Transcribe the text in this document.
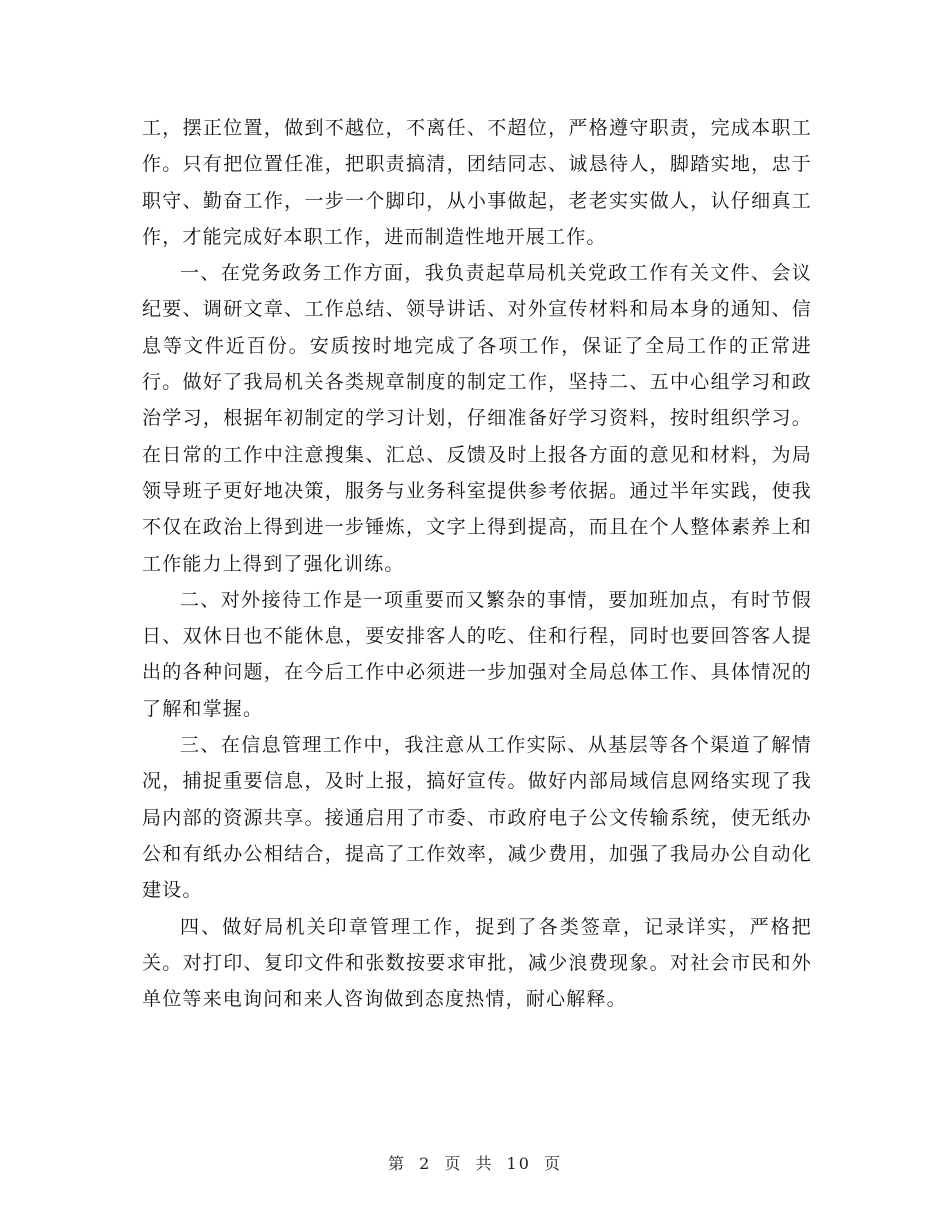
工，摆正位置，做到不越位，不离任、不超位，严格遵守职责，完成本职工作。只有把位置任准，把职责搞清，团结同志、诚恳待人，脚踏实地，忠于职守、勤奋工作，一步一个脚印，从小事做起，老老实实做人，认仔细真工作，才能完成好本职工作，进而制造性地开展工作。

一、在党务政务工作方面，我负责起草局机关党政工作有关文件、会议纪要、调研文章、工作总结、领导讲话、对外宣传材料和局本身的通知、信息等文件近百份。安质按时地完成了各项工作，保证了全局工作的正常进行。做好了我局机关各类规章制度的制定工作，坚持二、五中心组学习和政治学习，根据年初制定的学习计划，仔细准备好学习资料，按时组织学习。在日常的工作中注意搜集、汇总、反馈及时上报各方面的意见和材料，为局领导班子更好地决策，服务与业务科室提供参考依据。通过半年实践，使我不仅在政治上得到进一步锤炼，文字上得到提高，而且在个人整体素养上和工作能力上得到了强化训练。

二、对外接待工作是一项重要而又繁杂的事情，要加班加点，有时节假日、双休日也不能休息，要安排客人的吃、住和行程，同时也要回答客人提出的各种问题，在今后工作中必须进一步加强对全局总体工作、具体情况的了解和掌握。

三、在信息管理工作中，我注意从工作实际、从基层等各个渠道了解情况，捕捉重要信息，及时上报，搞好宣传。做好内部局域信息网络实现了我局内部的资源共享。接通启用了市委、市政府电子公文传输系统，使无纸办公和有纸办公相结合，提高了工作效率，减少费用，加强了我局办公自动化建设。

四、做好局机关印章管理工作，捉到了各类签章，记录详实，严格把关。对打印、复印文件和张数按要求审批，减少浪费现象。对社会市民和外单位等来电询问和来人咨询做到态度热情，耐心解释。

第 2 页 共 10 页
